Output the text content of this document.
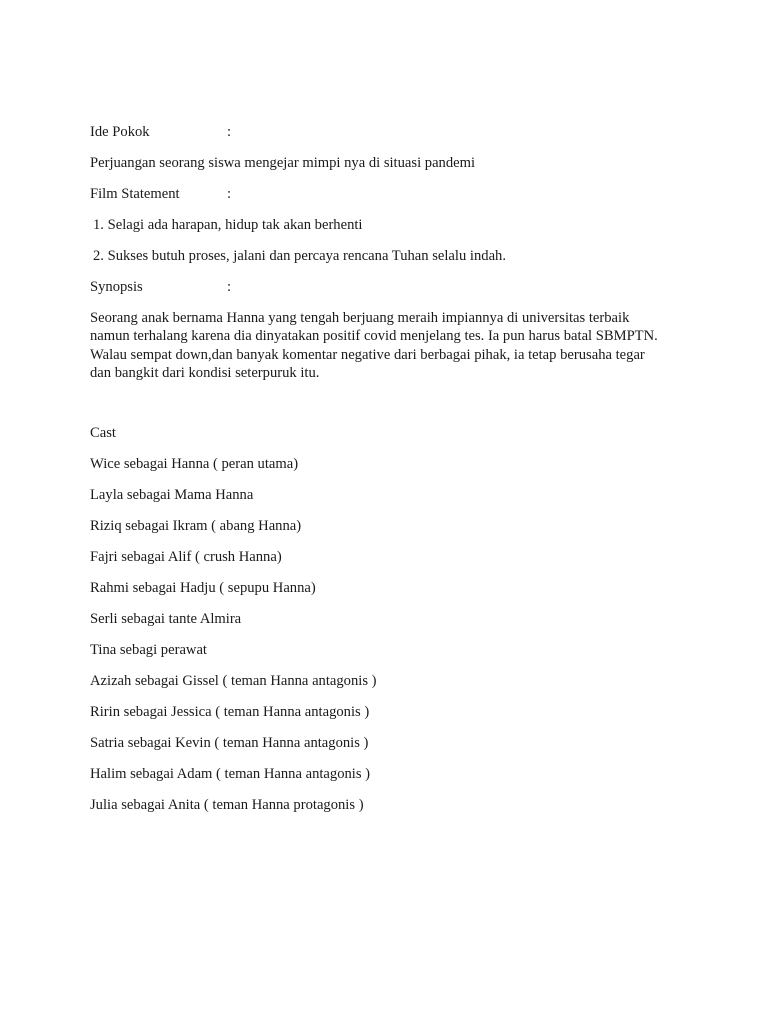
Ide Pokok	:
Perjuangan seorang siswa mengejar mimpi nya di situasi pandemi
Film Statement	:
1. Selagi ada harapan, hidup tak akan berhenti
2. Sukses butuh proses, jalani dan percaya rencana Tuhan selalu indah.
Synopsis	:
Seorang anak bernama Hanna yang tengah berjuang meraih impiannya di universitas terbaik
namun terhalang karena dia dinyatakan positif covid menjelang tes. Ia pun harus batal SBMPTN.
Walau sempat down,dan banyak komentar negative dari berbagai pihak, ia tetap berusaha tegar
dan bangkit dari kondisi seterpuruk itu.
Cast
Wice sebagai Hanna ( peran utama)
Layla sebagai Mama Hanna
Riziq sebagai Ikram ( abang Hanna)
Fajri sebagai Alif ( crush Hanna)
Rahmi sebagai Hadju ( sepupu Hanna)
Serli sebagai tante Almira
Tina sebagi perawat
Azizah sebagai Gissel ( teman Hanna antagonis )
Ririn sebagai Jessica ( teman Hanna antagonis )
Satria sebagai Kevin ( teman Hanna antagonis )
Halim sebagai Adam ( teman Hanna antagonis )
Julia sebagai Anita ( teman Hanna protagonis )
